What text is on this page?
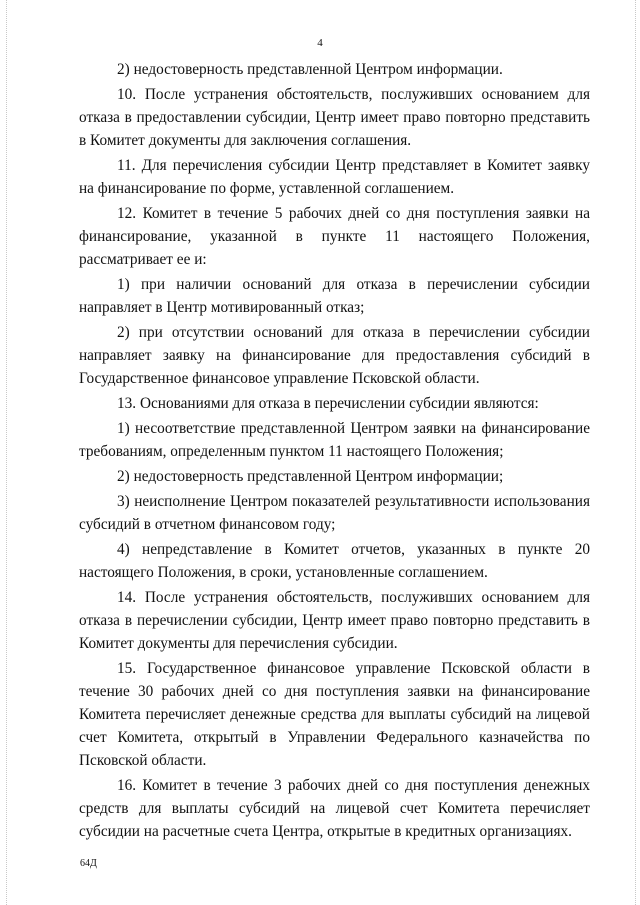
4

2) недостоверность представленной Центром информации.

10. После устранения обстоятельств, послуживших основанием для отказа в предоставлении субсидии, Центр имеет право повторно представить в Комитет документы для заключения соглашения.

11. Для перечисления субсидии Центр представляет в Комитет заявку на финансирование по форме, уставленной соглашением.

12. Комитет в течение 5 рабочих дней со дня поступления заявки на финансирование, указанной в пункте 11 настоящего Положения, рассматривает ее и:

1) при наличии оснований для отказа в перечислении субсидии направляет в Центр мотивированный отказ;

2) при отсутствии оснований для отказа в перечислении субсидии направляет заявку на финансирование для предоставления субсидий в Государственное финансовое управление Псковской области.

13. Основаниями для отказа в перечислении субсидии являются:

1) несоответствие представленной Центром заявки на финансирование требованиям, определенным пунктом 11 настоящего Положения;

2) недостоверность представленной Центром информации;

3) неисполнение Центром показателей результативности использования субсидий в отчетном финансовом году;

4) непредставление в Комитет отчетов, указанных в пункте 20 настоящего Положения, в сроки, установленные соглашением.

14. После устранения обстоятельств, послуживших основанием для отказа в перечислении субсидии, Центр имеет право повторно представить в Комитет документы для перечисления субсидии.

15. Государственное финансовое управление Псковской области в течение 30 рабочих дней со дня поступления заявки на финансирование Комитета перечисляет денежные средства для выплаты субсидий на лицевой счет Комитета, открытый в Управлении Федерального казначейства по Псковской области.

16. Комитет в течение 3 рабочих дней со дня поступления денежных средств для выплаты субсидий на лицевой счет Комитета перечисляет субсидии на расчетные счета Центра, открытые в кредитных организациях.

64Д
